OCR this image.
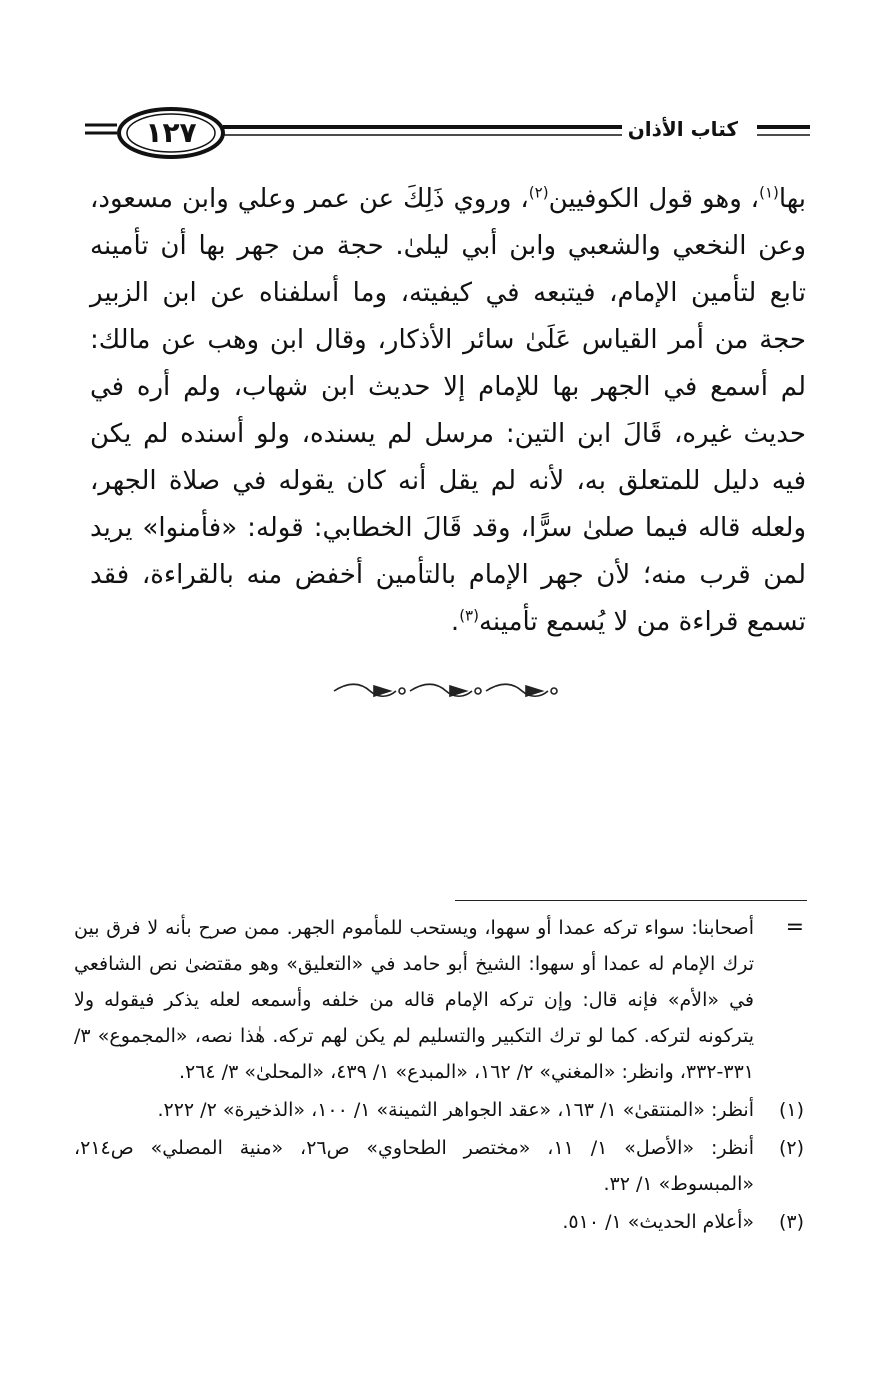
١٢٧	كتاب الأذان

بها$^{(١)}$، وهو قول الكوفيين$^{(٢)}$، وروي ذَلِكَ عن عمر وعلي وابن مسعود، وعن النخعي والشعبي وابن أبي ليلىٰ. حجة من جهر بها أن تأمينه تابع لتأمين الإمام، فيتبعه في كيفيته، وما أسلفناه عن ابن الزبير حجة من أمر القياس عَلَىٰ سائر الأذكار، وقال ابن وهب عن مالك: لم أسمع في الجهر بها للإمام إلا حديث ابن شهاب، ولم أره في حديث غيره، قَالَ ابن التين: مرسل لم يسنده، ولو أسنده لم يكن فيه دليل للمتعلق به، لأنه لم يقل أنه كان يقوله في صلاة الجهر، ولعله قاله فيما صلىٰ سرًّا، وقد قَالَ الخطابي: قوله: «فأمنوا» يريد لمن قرب منه؛ لأن جهر الإمام بالتأمين أخفض منه بالقراءة، فقد تسمع قراءة من لا يُسمع تأمينه$^{(٣)}$.

=
أصحابنا: سواء تركه عمدا أو سهوا، ويستحب للمأموم الجهر. ممن صرح بأنه لا فرق بين ترك الإمام له عمدا أو سهوا: الشيخ أبو حامد في «التعليق» وهو مقتضىٰ نص الشافعي في «الأم» فإنه قال: وإن تركه الإمام قاله من خلفه وأسمعه لعله يذكر فيقوله ولا يتركونه لتركه. كما لو ترك التكبير والتسليم لم يكن لهم تركه. هٰذا نصه، «المجموع» ٣/ ٣٣١-٣٣٢، وانظر: «المغني» ٢/ ١٦٢، «المبدع» ١/ ٤٣٩، «المحلىٰ» ٣/ ٢٦٤.
(١)
أنظر: «المنتقىٰ» ١/ ١٦٣، «عقد الجواهر الثمينة» ١/ ١٠٠، «الذخيرة» ٢/ ٢٢٢.
(٢)
أنظر: «الأصل» ١/ ١١، «مختصر الطحاوي» ص٢٦، «منية المصلي» ص٢١٤، «المبسوط» ١/ ٣٢.
(٣)
«أعلام الحديث» ١/ ٥١٠.
